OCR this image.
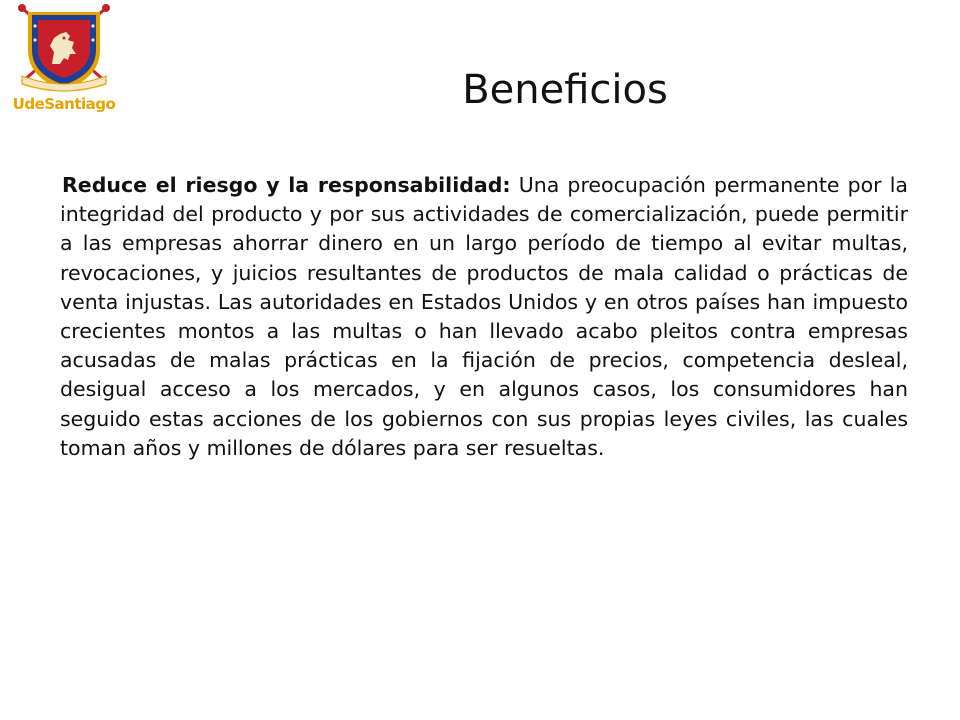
UdeSantiago	Beneficios
Reduce el riesgo y la responsabilidad: Una preocupación permanente por la integridad del producto y por sus actividades de comercialización, puede permitir a las empresas ahorrar dinero en un largo período de tiempo al evitar multas, revocaciones, y juicios resultantes de productos de mala calidad o prácticas de venta injustas. Las autoridades en Estados Unidos y en otros países han impuesto crecientes montos a las multas o han llevado acabo pleitos contra empresas acusadas de malas prácticas en la fijación de precios, competencia desleal, desigual acceso a los mercados, y en algunos casos, los consumidores han seguido estas acciones de los gobiernos con sus propias leyes civiles, las cuales toman años y millones de dólares para ser resueltas.
